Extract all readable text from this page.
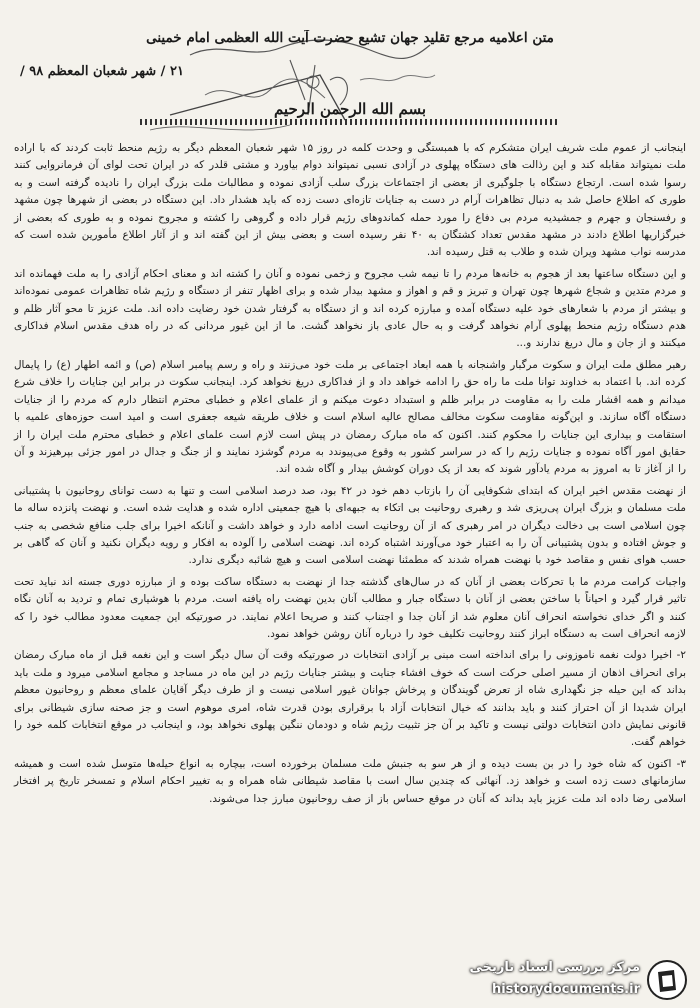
متن اعلامیه مرجع تقلید جهان تشیع حضرت آیت الله العظمی امام خمینی
۲۱ / شهر شعبان المعظم ۹۸ /
بسم الله الرحمن الرحیم

اینجانب از عموم ملت شریف ایران متشکرم که با همبستگی و وحدت کلمه در روز ۱۵ شهر شعبان المعظم دیگر به رژیم منحط ثابت کردند که با اراده ملت نمیتواند مقابله کند و این رذالت های دستگاه پهلوی در آزادی نسبی نمیتواند دوام بیاورد و مشتی قلدر که در ایران تحت لوای آن فرمانروایی کنند رسوا شده است. ارتجاع دستگاه با جلوگیری از بعضی از اجتماعات بزرگ سلب آزادی نموده و مطالبات ملت بزرگ ایران را نادیده گرفته است و به طوری که اطلاع حاصل شد به دنبال تظاهرات آرام در دست به جنایات تازه‌ای دست زده که باید هشدار داد. این دستگاه در بعضی از شهرها چون مشهد و رفسنجان و جهرم و جمشیدیه مردم بی دفاع را مورد حمله کماندوهای رژیم قرار داده و گروهی را کشته و مجروح نموده و به طوری که بعضی از خبرگزاریها اطلاع دادند در مشهد مقدس تعداد کشتگان به ۴۰ نفر رسیده است و بعضی بیش از این گفته اند و از آثار اطلاع مأمورین شده است که مدرسه نواب مشهد ویران شده و طلاب به قتل رسیده اند.

و این دستگاه ساعتها بعد از هجوم به خانه‌ها مردم را تا نیمه شب مجروح و زخمی نموده و آنان را کشته اند و معنای احکام آزادی را به ملت فهمانده اند و مردم متدین و شجاع شهرها چون تهران و تبریز و قم و اهواز و مشهد بیدار شده و برای اظهار تنفر از دستگاه و رژیم شاه تظاهرات عمومی نموده‌اند و بیشتر از مردم با شعارهای خود علیه دستگاه آمده و مبارزه کرده اند و از دستگاه به گرفتار شدن خود رضایت داده اند. ملت عزیز تا محو آثار ظلم و هدم دستگاه رژیم منحط پهلوی آرام نخواهد گرفت و به حال عادی باز نخواهد گشت. ما از این غیور مردانی که در راه هدف مقدس اسلام فداکاری میکنند و از جان و مال دریغ ندارند و...

رهبر مطلق ملت ایران و سکوت مرگبار واشنجانه با همه ابعاد اجتماعی بر ملت خود می‌زنند و راه و رسم پیامبر اسلام (ص) و ائمه اطهار (ع) را پایمال کرده اند. با اعتماد به خداوند توانا ملت ما راه حق را ادامه خواهد داد و از فداکاری دریغ نخواهد کرد. اینجانب سکوت در برابر این جنایات را خلاف شرع میدانم و همه اقشار ملت را به مقاومت در برابر ظلم و استبداد دعوت میکنم و از علمای اعلام و خطبای محترم انتظار دارم که مردم را از جنایات دستگاه آگاه سازند. و این‌گونه مقاومت سکوت مخالف مصالح عالیه اسلام است و خلاف طریقه شیعه جعفری است و امید است حوزه‌های علمیه با استقامت و بیداری این جنایات را محکوم کنند. اکنون که ماه مبارک رمضان در پیش است لازم است علمای اعلام و خطبای محترم ملت ایران را از حقایق امور آگاه نموده و جنایات رژیم را که در سراسر کشور به وقوع می‌پیوندد به مردم گوشزد نمایند و از جنگ و جدال در امور جزئی بپرهیزند و آن را از آغاز تا به امروز به مردم یادآور شوند که بعد از یک دوران کوشش بیدار و آگاه شده اند.

از نهضت مقدس اخیر ایران که ابتدای شکوفایی آن را بازتاب دهم خود در ۴۲ بود، صد درصد اسلامی است و تنها به دست توانای روحانیون با پشتیبانی ملت مسلمان و بزرگ ایران پی‌ریزی شد و رهبری روحانیت بی اتکاء به جبهه‌ای با هیچ جمعیتی اداره شده و هدایت شده است. و نهضت پانزده ساله ما چون اسلامی است بی دخالت دیگران در امر رهبری که از آن روحانیت است ادامه دارد و خواهد داشت و آنانکه اخیرا برای جلب منافع شخصی به جنب و جوش افتاده و بدون پشتیبانی آن را به اعتبار خود می‌آورند اشتباه کرده اند. نهضت اسلامی را آلوده به افکار و رویه دیگران نکنید و آنان که گاهی بر حسب هوای نفس و مقاصد خود با نهضت همراه شدند که مطمئنا نهضت اسلامی است و هیچ شائبه دیگری ندارد.

واجبات کرامت مردم ما با تحرکات بعضی از آنان که در سال‌های گذشته جدا از نهضت به دستگاه ساکت بوده و از مبارزه دوری جسته اند نباید تحت تاثیر قرار گیرد و احیاناً با ساختن بعضی از آنان با دستگاه جبار و مطالب آنان بدین نهضت راه یافته است. مردم با هوشیاری تمام و تردید به آنان نگاه کنند و اگر خدای نخواسته انحراف آنان معلوم شد از آنان جدا و اجتناب کنند و صریحا اعلام نمایند. در صورتیکه این جمعیت معدود مطالب خود را که لازمه انحراف است به دستگاه ابراز کنند روحانیت تکلیف خود را درباره آنان روشن خواهد نمود.

۲- اخیرا دولت نغمه ناموزونی را برای انداخته است مبنی بر آزادی انتخابات در صورتیکه وقت آن سال دیگر است و این نغمه قبل از ماه مبارک رمضان برای انحراف اذهان از مسیر اصلی حرکت است که خوف افشاء جنایت و بیشتر جنایات رژیم در این ماه در مساجد و مجامع اسلامی میرود و ملت باید بداند که این حیله جز نگهداری شاه از تعرض گویندگان و پرخاش جوانان غیور اسلامی نیست و از طرف دیگر آقایان علمای معظم و روحانیون معظم ایران شدیدا از آن احتراز کنند و باید بدانند که خیال انتخابات آزاد با برقراری بودن قدرت شاه، امری موهوم است و جز صحنه سازی شیطانی برای قانونی نمایش دادن انتخابات دولتی نیست و تاکید بر آن جز تثبیت رژیم شاه و دودمان ننگین پهلوی نخواهد بود، و اینجانب در موقع انتخابات کلمه خود را خواهم گفت.

۳- اکنون که شاه خود را در بن بست دیده و از هر سو به جنبش ملت مسلمان برخورده است، بیچاره به انواع حیله‌ها متوسل شده است و همیشه سازمانهای دست زده است و خواهد زد. آنهائی که چندین سال است با مقاصد شیطانی شاه همراه و به تغییر احکام اسلام و تمسخر تاریخ پر افتخار اسلامی رضا داده اند ملت عزیز باید بداند که آنان در موقع حساس باز از صف روحانیون مبارز جدا می‌شوند.

مرکز بررسی اسناد تاریخی
historydocuments.ir
